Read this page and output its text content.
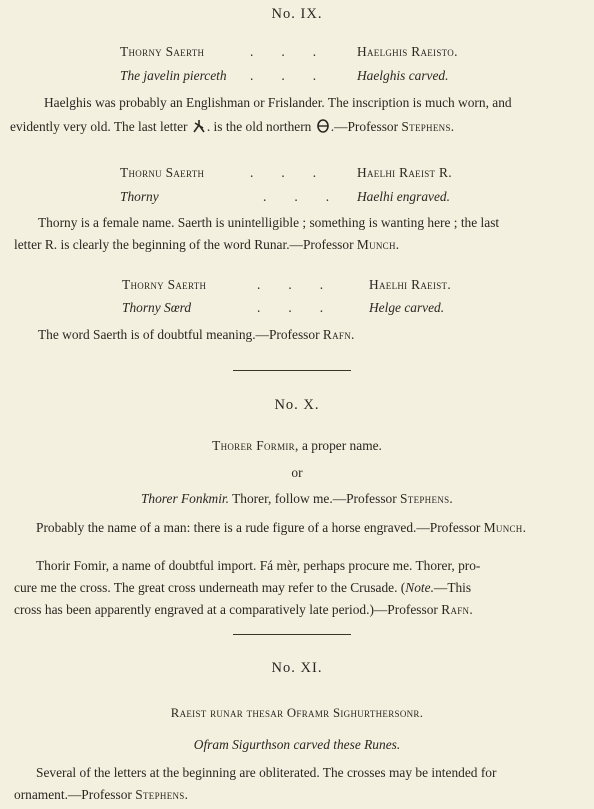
No. IX.
Thorny Saerth	... Haelghis Raeisto.
The javelin pierceth ... Haelghis carved.
Haelghis was probably an Englishman or Frislander. The inscription is much worn, and
evidently very old. The last letter . is the old northern .—Professor Stephens.
Thornu Saerth	... Haelhi Raeist R.
Thorny	... Haelhi engraved.
Thorny is a female name. Saerth is unintelligible ; something is wanting here ; the last
letter R. is clearly the beginning of the word Runar.—Professor Munch.
Thorny Saerth	... Haelhi Raeist.
Thorny Sœrd	... Helge carved.
The word Saerth is of doubtful meaning.—Professor Rafn.
No. X.
Thorer Formir, a proper name.
or
Thorer Fonkmir. Thorer, follow me.—Professor Stephens.
Probably the name of a man: there is a rude figure of a horse engraved.—Professor Munch.
Thorir Fomir, a name of doubtful import. Fá mèr, perhaps procure me. Thorer, pro-
cure me the cross. The great cross underneath may refer to the Crusade. (Note.—This
cross has been apparently engraved at a comparatively late period.)—Professor Rafn.
No. XI.
Raeist runar thesar Oframr Sighurthersonr.
Ofram Sigurthson carved these Runes.
Several of the letters at the beginning are obliterated. The crosses may be intended for
ornament.—Professor Stephens.
